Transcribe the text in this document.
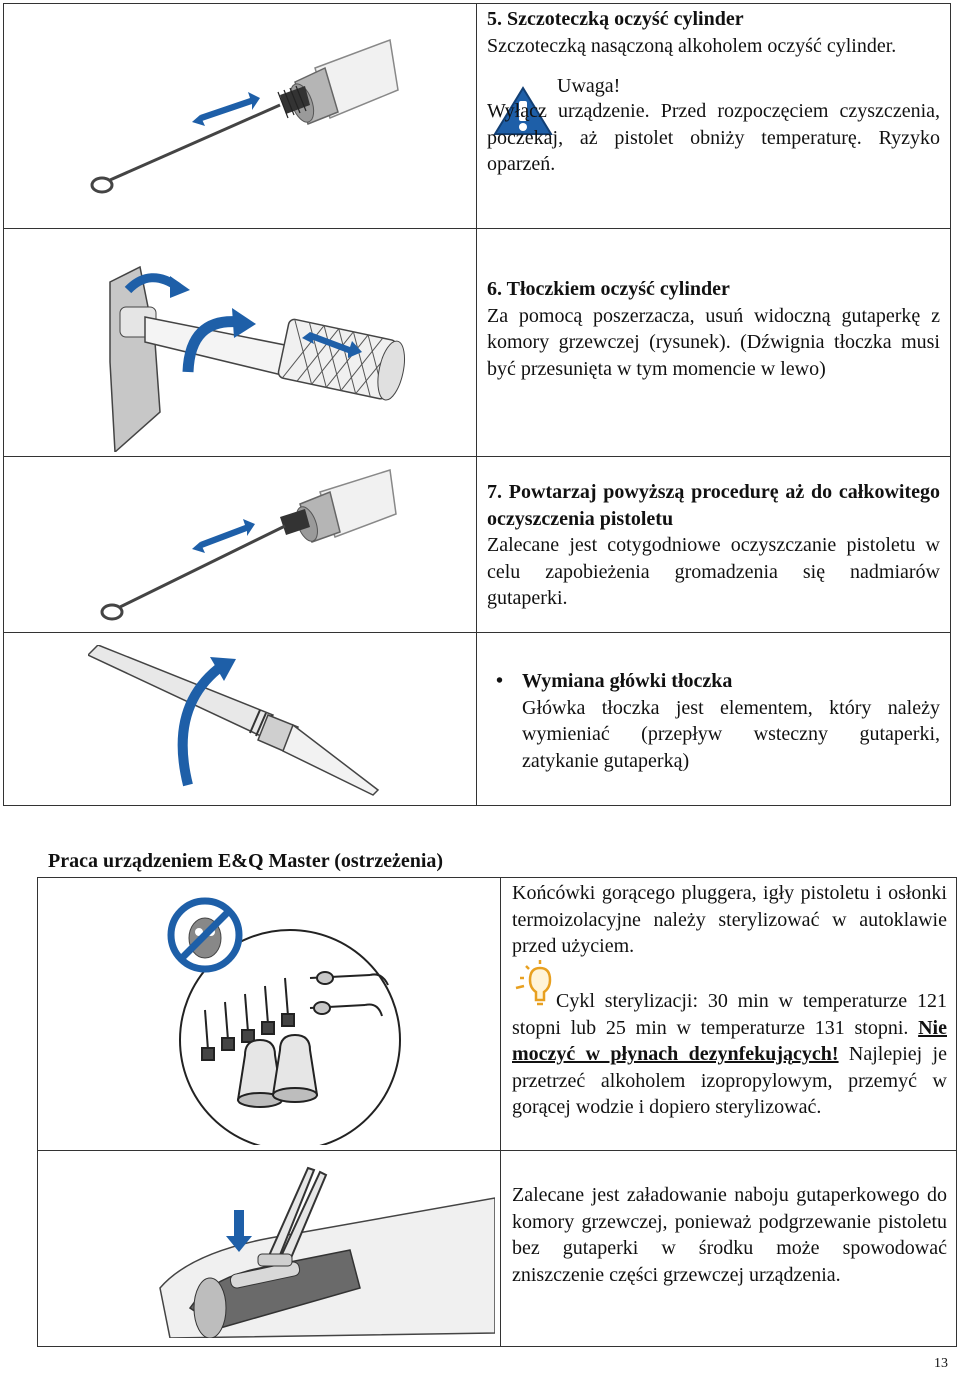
5. Szczoteczką oczyść cylinder

Szczoteczką nasączoną alkoholem oczyść cylinder.

Uwaga!

Wyłącz urządzenie. Przed rozpoczęciem czyszczenia, poczekaj, aż pistolet obniży temperaturę. Ryzyko oparzeń.

6. Tłoczkiem oczyść cylinder

Za pomocą poszerzacza, usuń widoczną gutaperkę z komory grzewczej (rysunek). (Dźwignia tłoczka musi być przesunięta w tym momencie w lewo)

7. Powtarzaj powyższą procedurę aż do całkowitego oczyszczenia pistoletu

Zalecane jest cotygodniowe oczyszczanie pistoletu w celu zapobieżenia gromadzenia się nadmiarów gutaperki.

• Wymiana główki tłoczka

Główka tłoczka jest elementem, który należy wymieniać (przepływ wsteczny gutaperki, zatykanie gutaperką)

Praca urządzeniem E&Q Master (ostrzeżenia)
Końcówki gorącego pluggera, igły pistoletu i osłonki termoizolacyjne należy sterylizować w autoklawie przed użyciem.
Cykl sterylizacji: 30 min w temperaturze 121 stopni lub 25 min w temperaturze 131 stopni. Nie moczyć w płynach dezynfekujących! Najlepiej je przetrzeć alkoholem izopropylowym, przemyć w gorącej wodzie i dopiero sterylizować.
Zalecane jest załadowanie naboju gutaperkowego do komory grzewczej, ponieważ podgrzewanie pistoletu bez gutaperki w środku może spowodować zniszczenie części grzewczej urządzenia.
13
